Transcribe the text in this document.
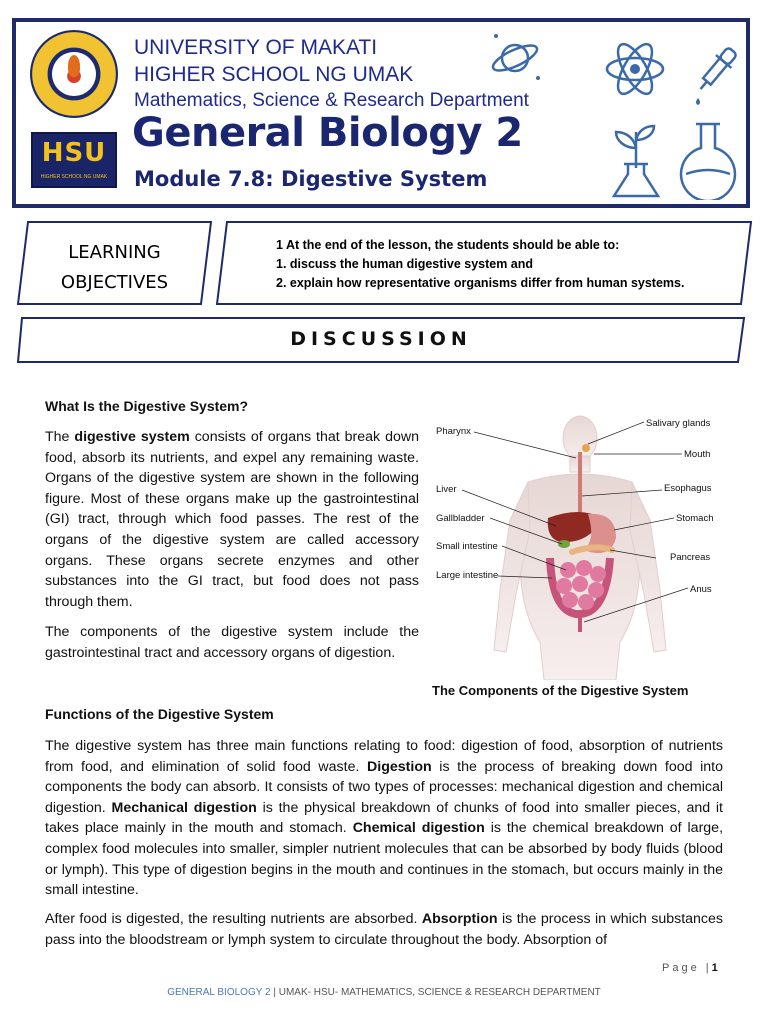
HSU
HIGHER SCHOOL NG UMAK
UNIVERSITY OF MAKATI
HIGHER SCHOOL NG UMAK
Mathematics, Science & Research Department
General Biology 2
Module 7.8: Digestive System
LEARNING
OBJECTIVES
1 At the end of the lesson, the students should be able to:
1. discuss the human digestive system and
2. explain how representative organisms differ from human systems.
DISCUSSION
What Is the Digestive System?
The digestive system consists of organs that break down food, absorb its nutrients, and expel any remaining waste. Organs of the digestive system are shown in the following figure. Most of these organs make up the gastrointestinal (GI) tract, through which food passes. The rest of the organs of the digestive system are called accessory organs. These organs secrete enzymes and other substances into the GI tract, but food does not pass through them.
The components of the digestive system include the gastrointestinal tract and accessory organs of digestion.
Pharynx
Liver
Gallbladder
Small intestine
Large intestine
Salivary glands
Mouth
Esophagus
Stomach
Pancreas
Anus
The Components of the Digestive System
Functions of the Digestive System
The digestive system has three main functions relating to food: digestion of food, absorption of nutrients from food, and elimination of solid food waste. Digestion is the process of breaking down food into components the body can absorb. It consists of two types of processes: mechanical digestion and chemical digestion. Mechanical digestion is the physical breakdown of chunks of food into smaller pieces, and it takes place mainly in the mouth and stomach. Chemical digestion is the chemical breakdown of large, complex food molecules into smaller, simpler nutrient molecules that can be absorbed by body fluids (blood or lymph). This type of digestion begins in the mouth and continues in the stomach, but occurs mainly in the small intestine.
After food is digested, the resulting nutrients are absorbed. Absorption is the process in which substances pass into the bloodstream or lymph system to circulate throughout the body. Absorption of
Page |1
GENERAL BIOLOGY 2 | UMAK- HSU- MATHEMATICS, SCIENCE & RESEARCH DEPARTMENT
